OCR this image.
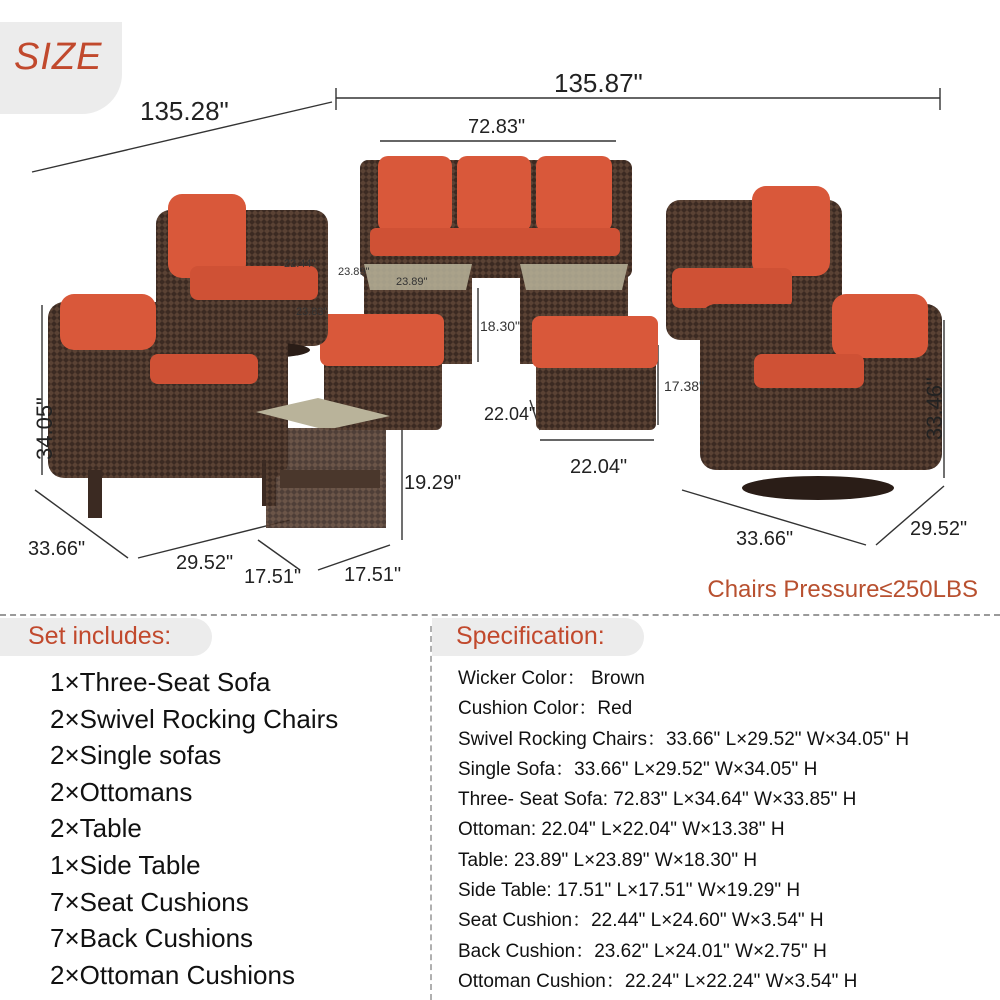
SIZE
135.87"
135.28"
72.83"
34.05"
33.66"
29.52"
17.51" 17.51"
19.29"
22.04"
22.04"
17.38"
18.30"
23.89"
23.89"
22.44"
23.83"
33.46"
33.66"	29.52"
Chairs Pressure≤250LBS
Set includes:
1×Three-Seat Sofa
2×Swivel Rocking Chairs
2×Single sofas
2×Ottomans
2×Table
1×Side Table
7×Seat Cushions
7×Back Cushions
2×Ottoman Cushions
Specification:
Wicker Color： Brown
Cushion Color：Red
Swivel Rocking Chairs：33.66" L×29.52" W×34.05" H
Single Sofa：33.66" L×29.52" W×34.05" H
Three- Seat Sofa: 72.83" L×34.64" W×33.85" H
Ottoman: 22.04" L×22.04" W×13.38" H
Table: 23.89" L×23.89" W×18.30" H
Side Table: 17.51" L×17.51" W×19.29" H
Seat Cushion：22.44" L×24.60" W×3.54" H
Back Cushion：23.62" L×24.01" W×2.75" H
Ottoman Cushion：22.24" L×22.24" W×3.54" H
